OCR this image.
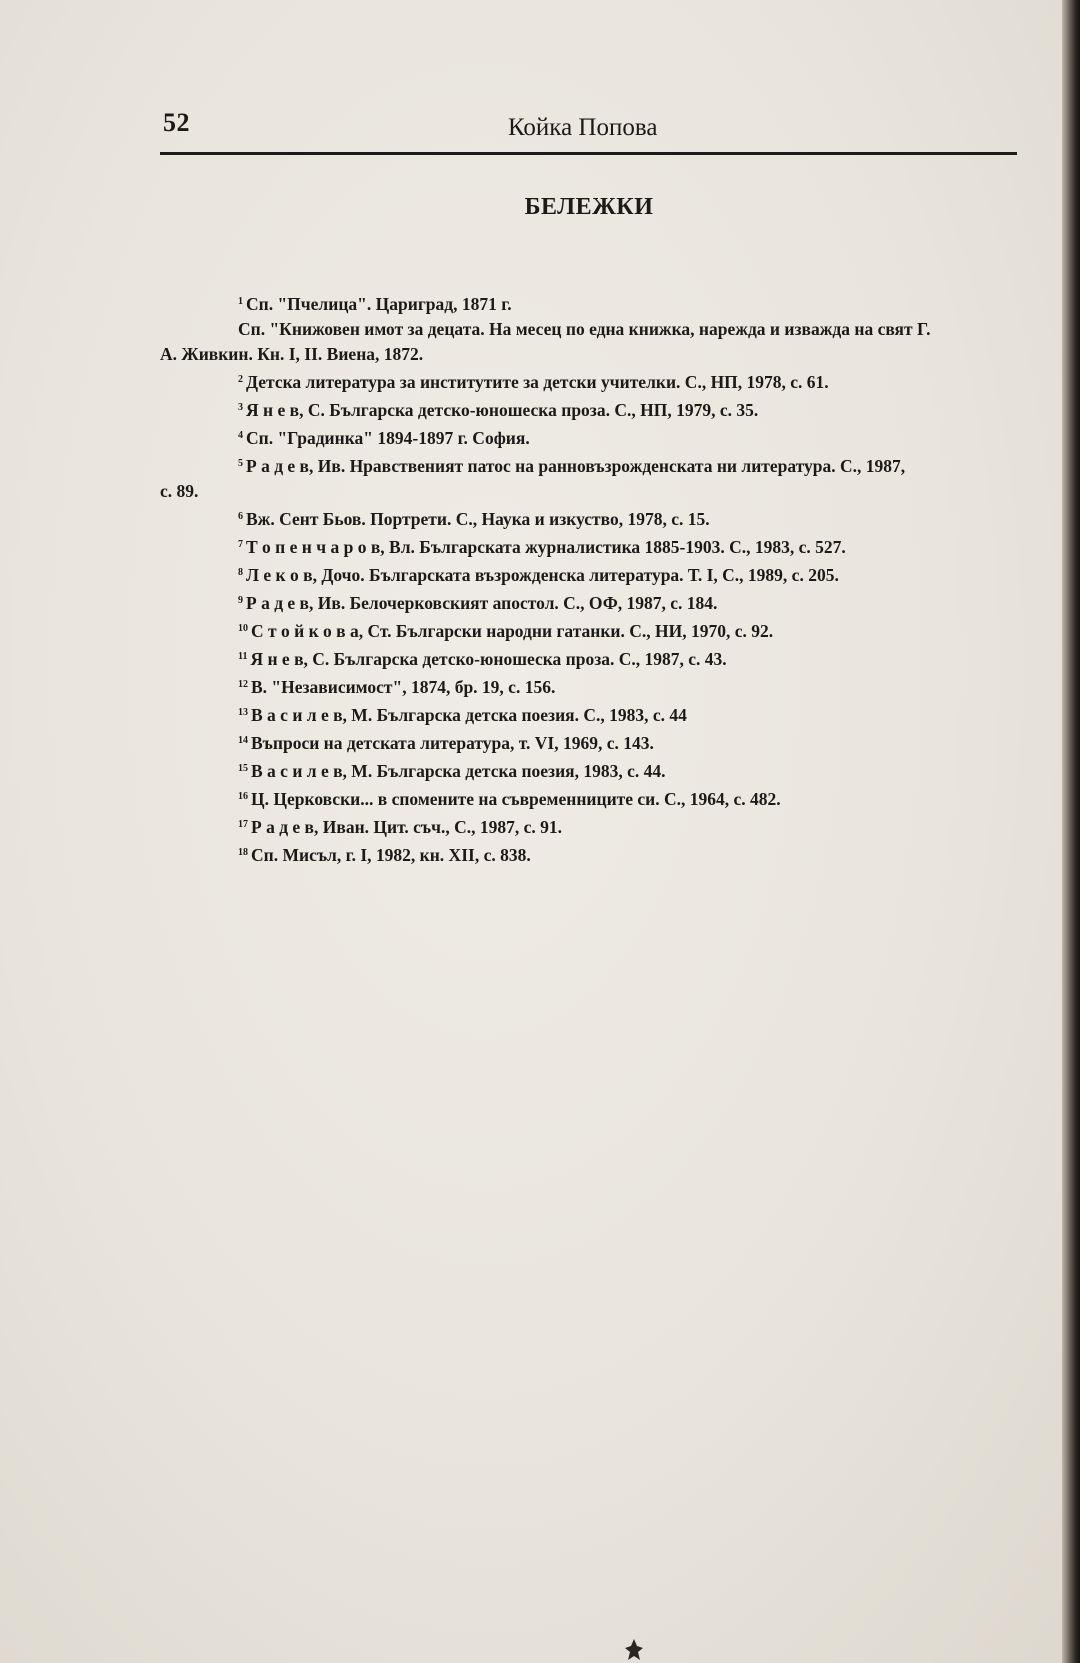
52	Койка Попова
БЕЛЕЖКИ

$^1$ Сп. "Пчелица". Цариград, 1871 г.

Сп. "Книжовен имот за децата. На месец по една книжка, нарежда и изважда на свят Г.
А. Живкин. Кн. I, II. Виена, 1872.

$^2$ Детска литература за институтите за детски учителки. С., НП, 1978, с. 61.

$^3$ Я н е в, С. Българска детско-юношеска проза. С., НП, 1979, с. 35.

$^4$ Сп. "Градинка" 1894-1897 г. София.

$^5$ Р а д е в, Ив. Нравственият патос на ранновъзрожденската ни литература. С., 1987,
с. 89.

$^6$ Вж. Сент Бьов. Портрети. С., Наука и изкуство, 1978, с. 15.

$^7$ Т о п е н ч а р о в, Вл. Българската журналистика 1885-1903. С., 1983, с. 527.

$^8$ Л е к о в, Дочо. Българската възрожденска литература. Т. I, С., 1989, с. 205.

$^9$ Р а д е в, Ив. Белочерковският апостол. С., ОФ, 1987, с. 184.

$^{10}$ С т о й к о в а, Ст. Български народни гатанки. С., НИ, 1970, с. 92.

$^{11}$ Я н е в, С. Българска детско-юношеска проза. С., 1987, с. 43.

$^{12}$ В. "Независимост", 1874, бр. 19, с. 156.

$^{13}$ В а с и л е в, М. Българска детска поезия. С., 1983, с. 44

$^{14}$ Въпроси на детската литература, т. VI, 1969, с. 143.

$^{15}$ В а с и л е в, М. Българска детска поезия, 1983, с. 44.

$^{16}$ Ц. Церковски... в спомените на съвременниците си. С., 1964, с. 482.

$^{17}$ Р а д е в, Иван. Цит. съч., С., 1987, с. 91.

$^{18}$ Сп. Мисъл, г. I, 1982, кн. XII, с. 838.
